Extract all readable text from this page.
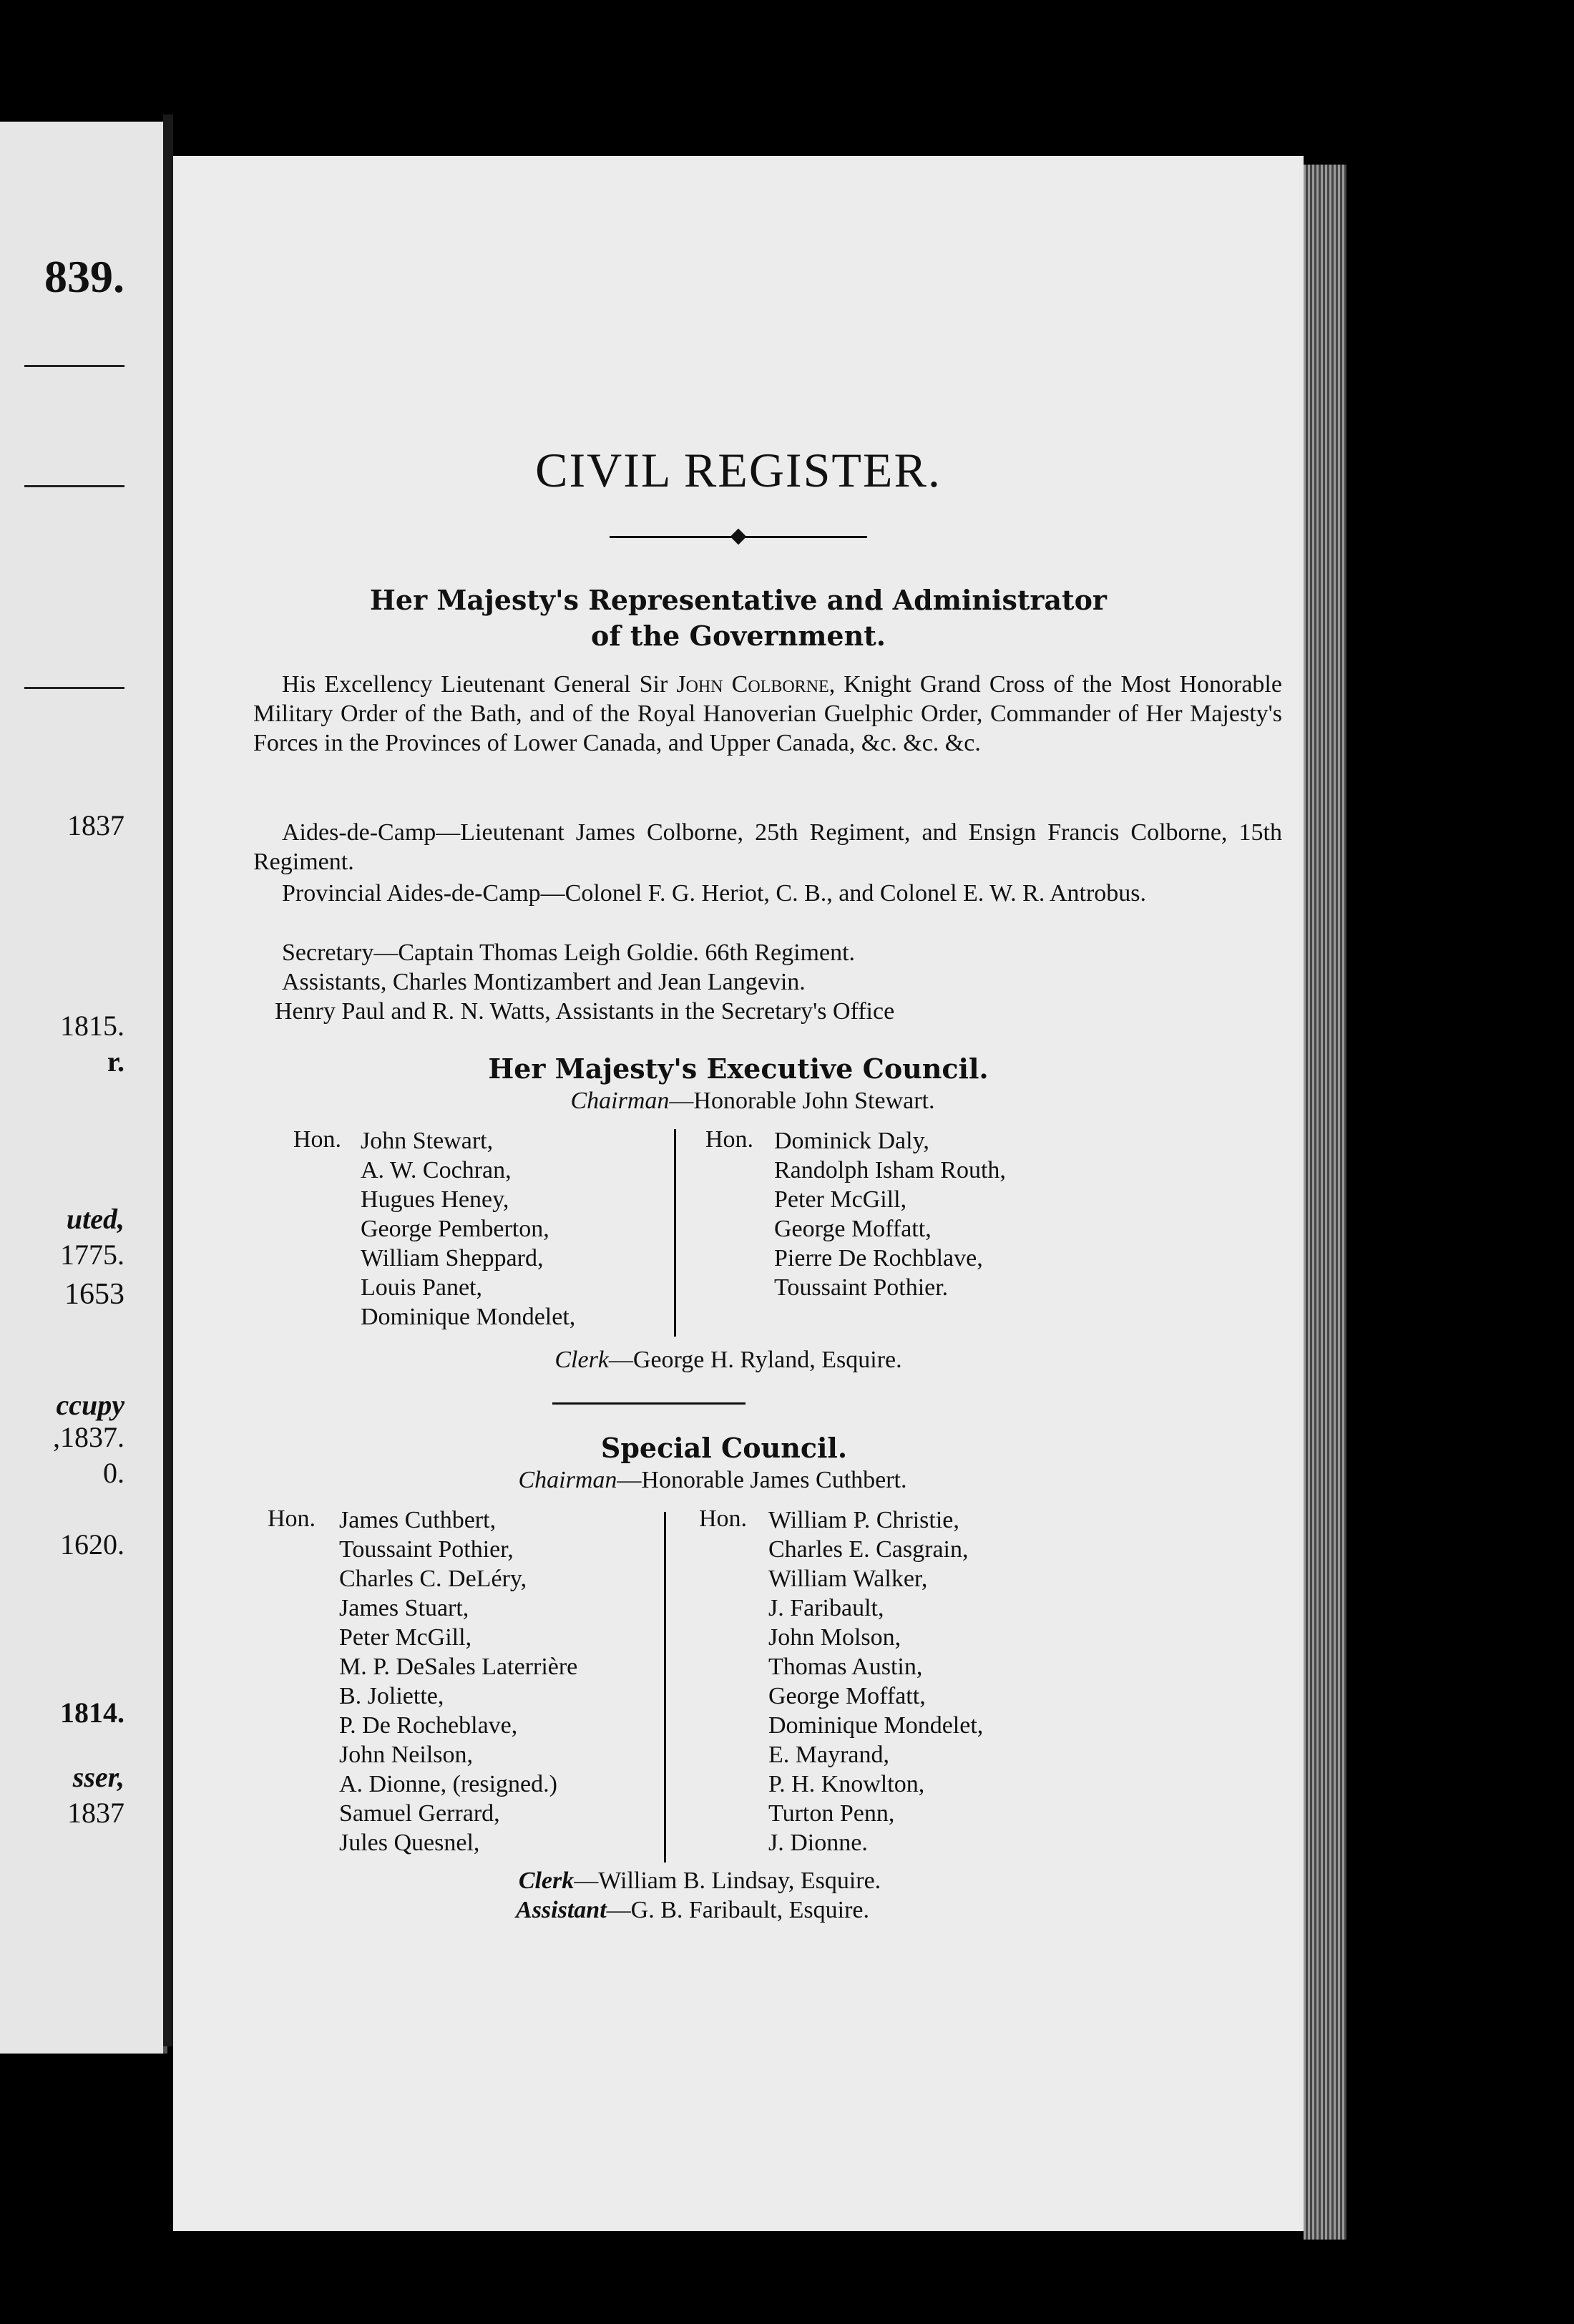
839.
1837
1815.
r.
uted,
1775.
1653
ccupy
,1837.
0.
1620.
1814.
sser,
1837
CIVIL REGISTER.
Her Majesty's Representative and Administrator
of the Government.
His Excellency Lieutenant General Sir John Colborne, Knight Grand Cross of the Most Honorable Military Order of the Bath, and of the Royal Hanoverian Guelphic Order, Commander of Her Majesty's Forces in the Provinces of Lower Canada, and Upper Canada, &c. &c. &c.
Aides-de-Camp—Lieutenant James Colborne, 25th Regiment, and Ensign Francis Colborne, 15th Regiment.
Provincial Aides-de-Camp—Colonel F. G. Heriot, C. B., and Colonel E. W. R. Antrobus.
Secretary—Captain Thomas Leigh Goldie. 66th Regiment.
Assistants, Charles Montizambert and Jean Langevin.
Henry Paul and R. N. Watts, Assistants in the Secretary's Office
Her Majesty's Executive Council.
Chairman—Honorable John Stewart.
Hon. John Stewart,
A. W. Cochran,
Hugues Heney,
George Pemberton,
William Sheppard,
Louis Panet,
Dominique Mondelet,
Hon. Dominick Daly,
Randolph Isham Routh,
Peter McGill,
George Moffatt,
Pierre De Rochblave,
Toussaint Pothier.
Clerk—George H. Ryland, Esquire.
Special Council.
Chairman—Honorable James Cuthbert.
Hon. James Cuthbert,
Toussaint Pothier,
Charles C. DeLéry,
James Stuart,
Peter McGill,
M. P. DeSales Laterrière
B. Joliette,
P. De Rocheblave,
John Neilson,
A. Dionne, (resigned.)
Samuel Gerrard,
Jules Quesnel,
Hon. William P. Christie,
Charles E. Casgrain,
William Walker,
J. Faribault,
John Molson,
Thomas Austin,
George Moffatt,
Dominique Mondelet,
E. Mayrand,
P. H. Knowlton,
Turton Penn,
J. Dionne.
Clerk—William B. Lindsay, Esquire.
Assistant—G. B. Faribault, Esquire.
